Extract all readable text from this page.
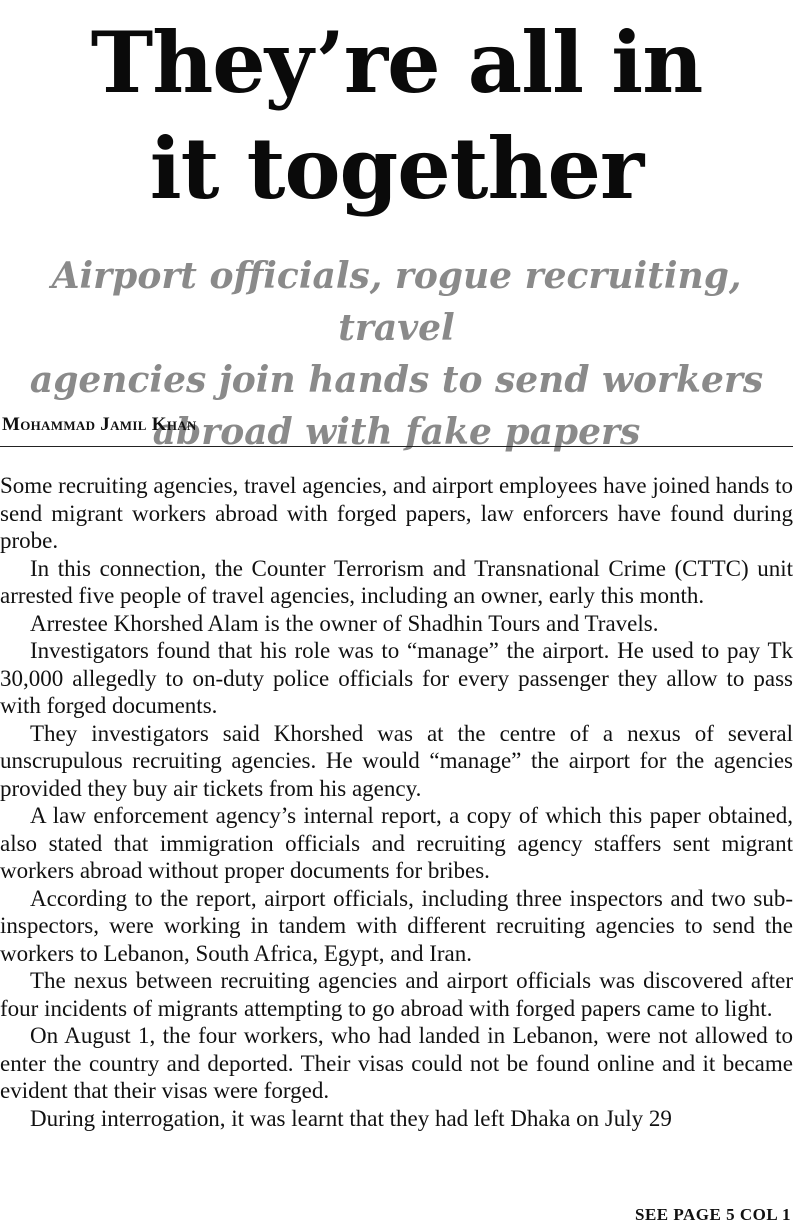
They’re all in
it together
Airport officials, rogue recruiting, travel
agencies join hands to send workers
abroad with fake papers
Mohammad Jamil Khan

Some recruiting agencies, travel agencies, and airport employees have joined hands to send migrant workers abroad with forged papers, law enforcers have found during probe.

In this connection, the Counter Terrorism and Transnational Crime (CTTC) unit arrested five people of travel agencies, including an owner, early this month.

Arrestee Khorshed Alam is the owner of Shadhin Tours and Travels.

Investigators found that his role was to “manage” the airport. He used to pay Tk 30,000 allegedly to on-duty police officials for every passenger they allow to pass with forged documents.

They investigators said Khorshed was at the centre of a nexus of several unscrupulous recruiting agencies. He would “manage” the airport for the agencies provided they buy air tickets from his agency.

A law enforcement agency’s internal report, a copy of which this paper obtained, also stated that immigration officials and recruiting agency staffers sent migrant workers abroad without proper documents for bribes.

According to the report, airport officials, including three inspectors and two sub-inspectors, were working in tandem with different recruiting agencies to send the workers to Lebanon, South Africa, Egypt, and Iran.

The nexus between recruiting agencies and airport officials was discovered after four incidents of migrants attempting to go abroad with forged papers came to light.

On August 1, the four workers, who had landed in Lebanon, were not allowed to enter the country and deported. Their visas could not be found online and it became evident that their visas were forged.

During interrogation, it was learnt that they had left Dhaka on July 29

SEE PAGE 5 COL 1
